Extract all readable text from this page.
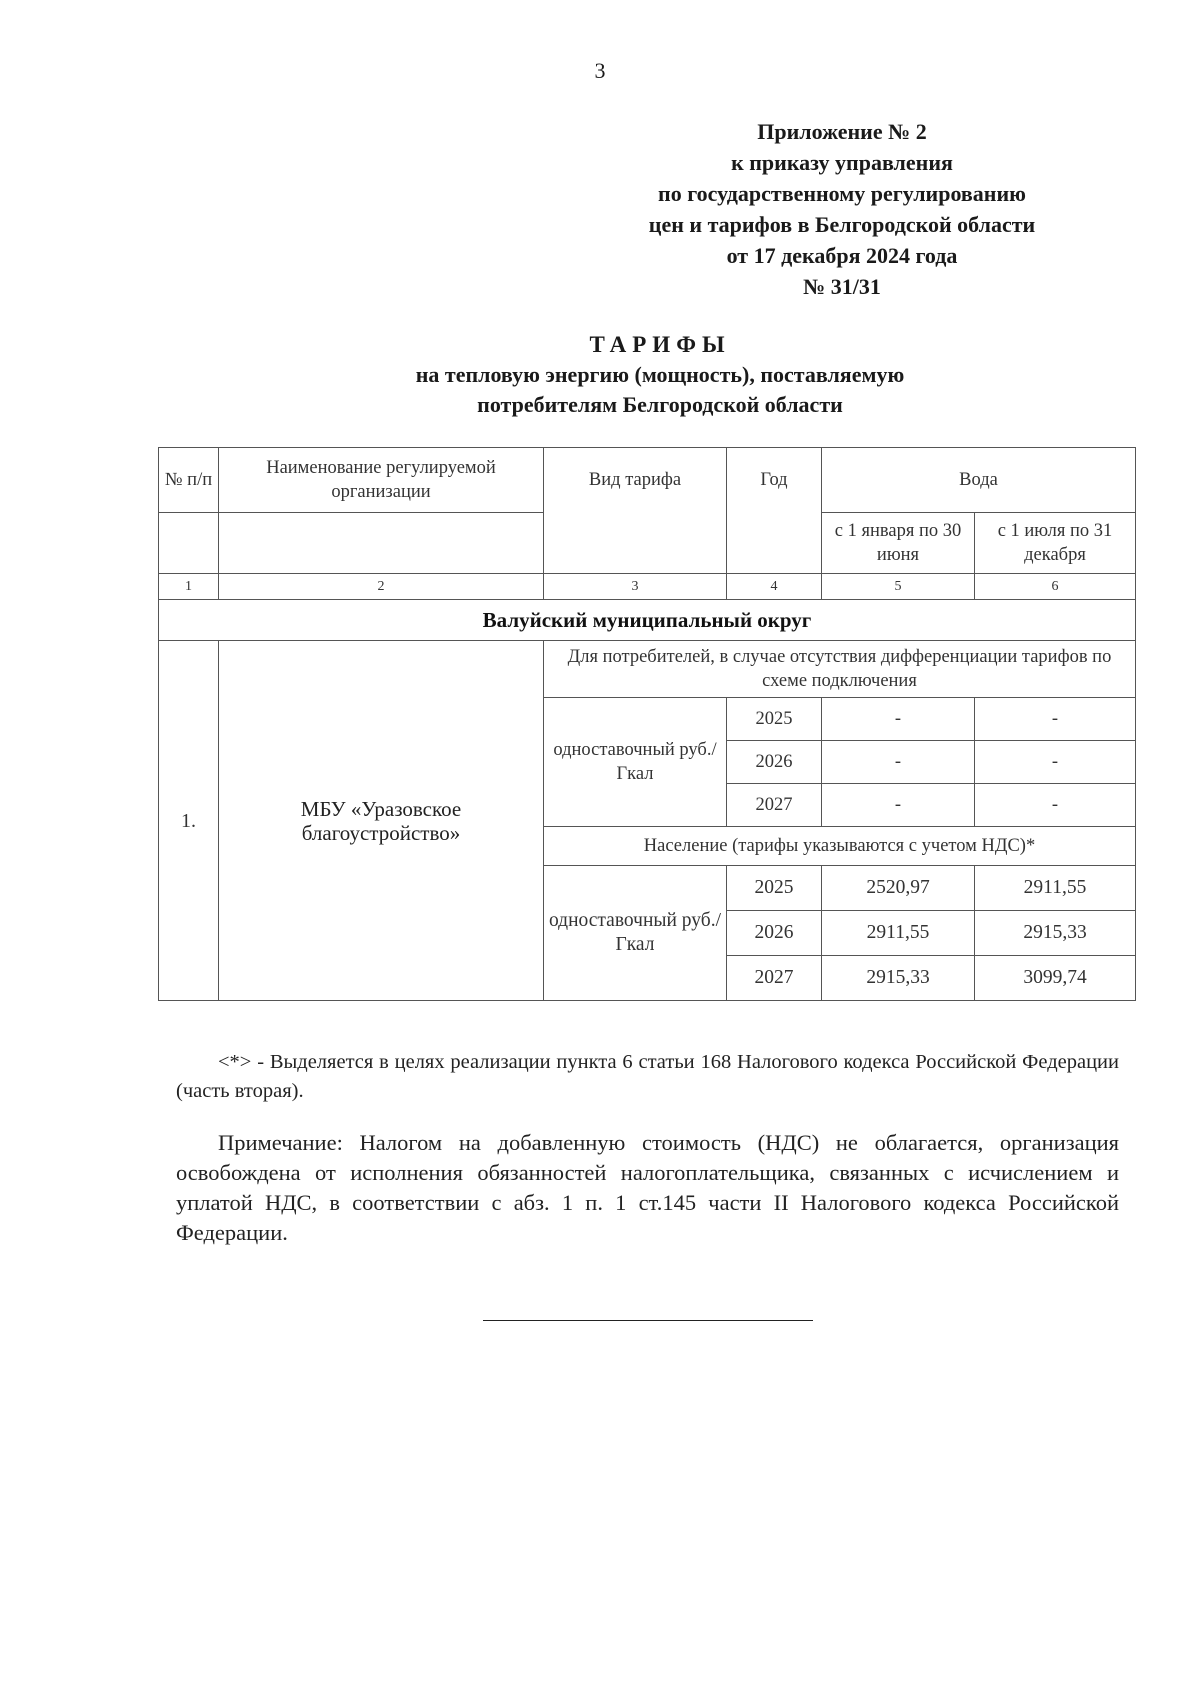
3
Приложение № 2
к приказу управления
по государственному регулированию
цен и тарифов в Белгородской области
от 17 декабря 2024 года
№ 31/31
ТАРИФЫ
на тепловую энергию (мощность), поставляемую
потребителям Белгородской области
№ п/п	Наименование регулируемой организации	Вид тарифа	Год	Вода	
				с 1 января по 30 июня	с 1 июля по 31 декабря
1	2	3	4	5	6
Валуйский муниципальный округ					
1.	МБУ «Уразовское благоустройство»	Для потребителей, в случае отсутствия дифференциации тарифов по схеме подключения			
		одноставочный руб./Гкал	2025	-	-
			2026	-	-
			2027	-	-
		Население (тарифы указываются с учетом НДС)*			
		одноставочный руб./Гкал	2025	2520,97	2911,55
			2026	2911,55	2915,33
			2027	2915,33	3099,74
<*> - Выделяется в целях реализации пункта 6 статьи 168 Налогового кодекса Российской Федерации (часть вторая).
Примечание: Налогом на добавленную стоимость (НДС) не облагается, организация освобождена от исполнения обязанностей налогоплательщика, связанных с исчислением и уплатой НДС, в соответствии с абз. 1 п. 1 ст.145 части II Налогового кодекса Российской Федерации.
